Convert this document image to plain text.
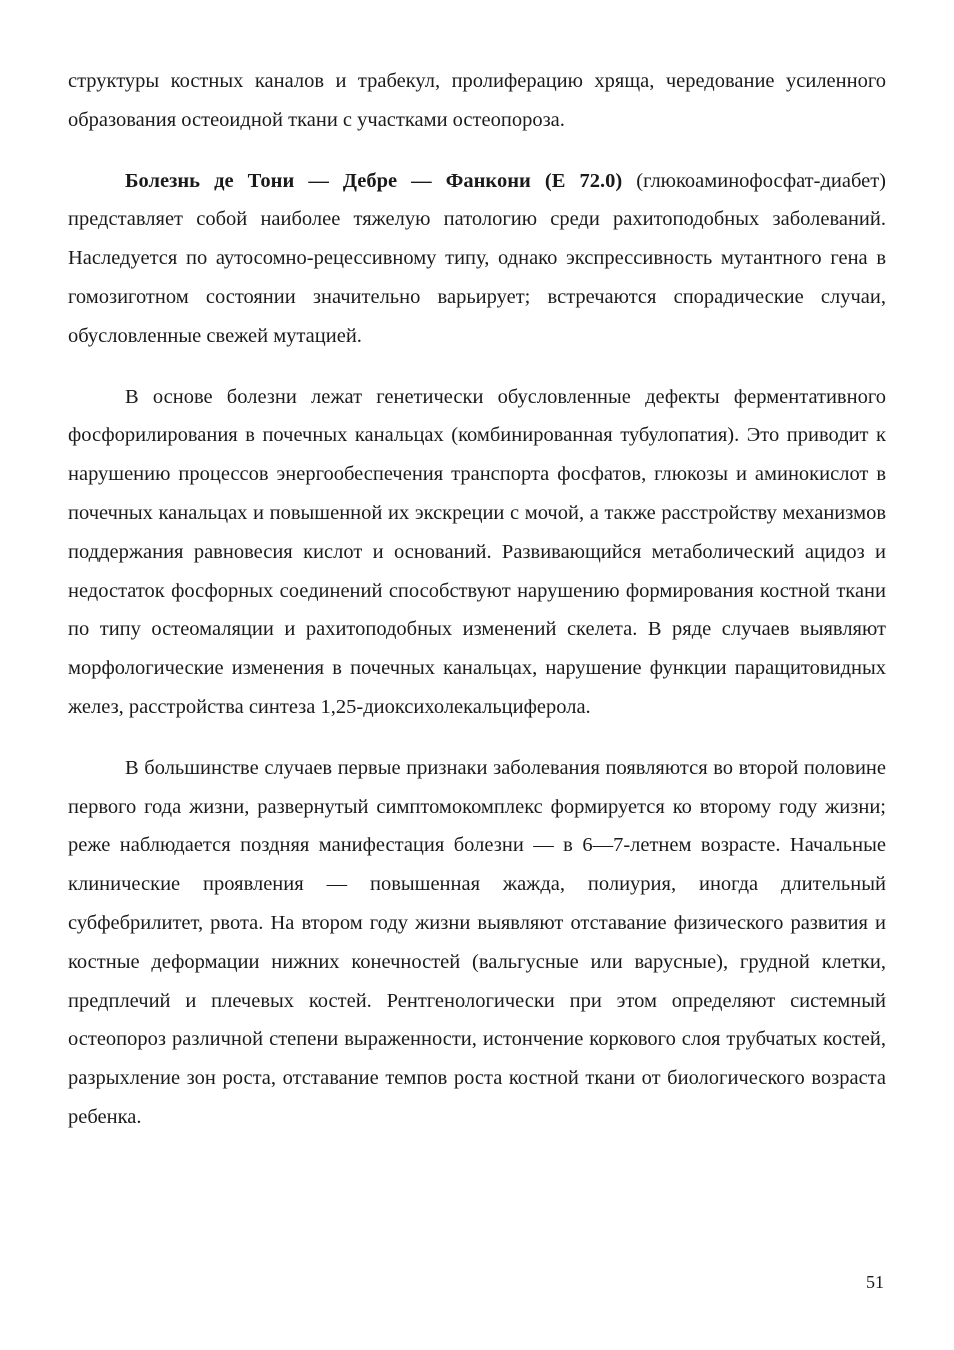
структуры костных каналов и трабекул, пролиферацию хряща, чередование усиленного образования остеоидной ткани с участками остеопороза.

Болезнь де Тони — Дебре — Фанкони (Е 72.0) (глюкоаминофосфат-диабет) представляет собой наиболее тяжелую патологию среди рахитоподобных заболеваний. Наследуется по аутосомно-рецессивному типу, однако экспрессивность мутантного гена в гомозиготном состоянии значительно варьирует; встречаются спорадические случаи, обусловленные свежей мутацией.

В основе болезни лежат генетически обусловленные дефекты ферментативного фосфорилирования в почечных канальцах (комбинированная тубулопатия). Это приводит к нарушению процессов энергообеспечения транспорта фосфатов, глюкозы и аминокислот в почечных канальцах и повышенной их экскреции с мочой, а также расстройству механизмов поддержания равновесия кислот и оснований. Развивающийся метаболический ацидоз и недостаток фосфорных соединений способствуют нарушению формирования костной ткани по типу остеомаляции и рахитоподобных изменений скелета. В ряде случаев выявляют морфологические изменения в почечных канальцах, нарушение функции паращитовидных желез, расстройства синтеза 1,25-диоксихолекальциферола.

В большинстве случаев первые признаки заболевания появляются во второй половине первого года жизни, развернутый симптомокомплекс формируется ко второму году жизни; реже наблюдается поздняя манифестация болезни — в 6—7-летнем возрасте. Начальные клинические проявления — повышенная жажда, полиурия, иногда длительный субфебрилитет, рвота. На втором году жизни выявляют отставание физического развития и костные деформации нижних конечностей (вальгусные или варусные), грудной клетки, предплечий и плечевых костей. Рентгенологически при этом определяют системный остеопороз различной степени выраженности, истончение коркового слоя трубчатых костей, разрыхление зон роста, отставание темпов роста костной ткани от биологического возраста ребенка.

51
